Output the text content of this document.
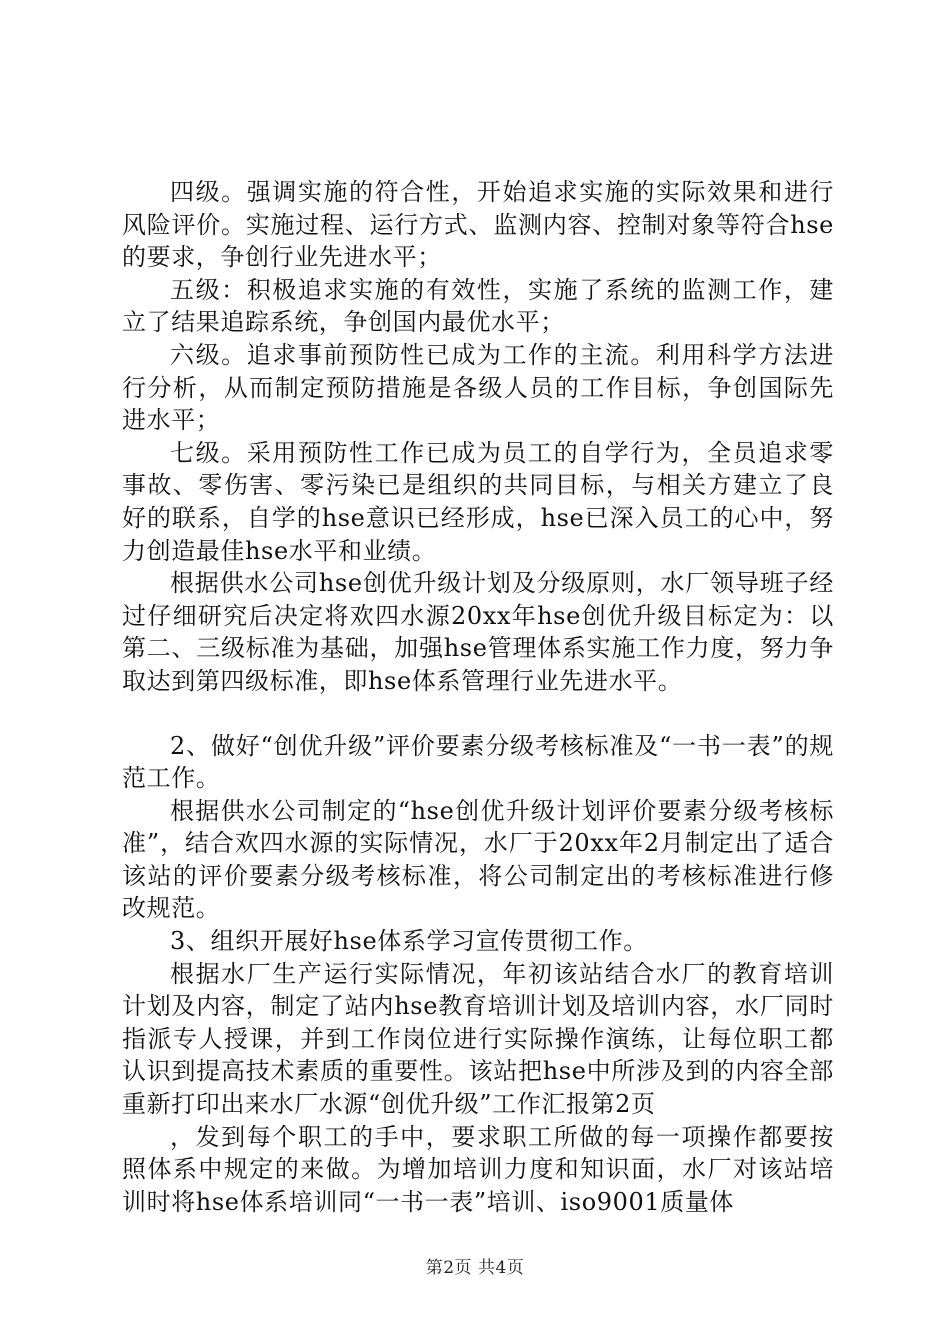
四级。强调实施的符合性，开始追求实施的实际效果和进行风险评价。实施过程、运行方式、监测内容、控制对象等符合hse的要求，争创行业先进水平；

五级：积极追求实施的有效性，实施了系统的监测工作，建立了结果追踪系统，争创国内最优水平；

六级。追求事前预防性已成为工作的主流。利用科学方法进行分析，从而制定预防措施是各级人员的工作目标，争创国际先进水平；

七级。采用预防性工作已成为员工的自学行为，全员追求零事故、零伤害、零污染已是组织的共同目标，与相关方建立了良好的联系，自学的hse意识已经形成，hse已深入员工的心中，努力创造最佳hse水平和业绩。

根据供水公司hse创优升级计划及分级原则，水厂领导班子经过仔细研究后决定将欢四水源20xx年hse创优升级目标定为：以第二、三级标准为基础，加强hse管理体系实施工作力度，努力争取达到第四级标准，即hse体系管理行业先进水平。

2、做好“创优升级”评价要素分级考核标准及“一书一表”的规范工作。

根据供水公司制定的“hse创优升级计划评价要素分级考核标准”，结合欢四水源的实际情况，水厂于20xx年2月制定出了适合该站的评价要素分级考核标准，将公司制定出的考核标准进行修改规范。

3、组织开展好hse体系学习宣传贯彻工作。

根据水厂生产运行实际情况，年初该站结合水厂的教育培训计划及内容，制定了站内hse教育培训计划及培训内容，水厂同时指派专人授课，并到工作岗位进行实际操作演练，让每位职工都认识到提高技术素质的重要性。该站把hse中所涉及到的内容全部重新打印出来水厂水源“创优升级”工作汇报第2页

，发到每个职工的手中，要求职工所做的每一项操作都要按照体系中规定的来做。为增加培训力度和知识面，水厂对该站培训时将hse体系培训同“一书一表”培训、iso9001质量体

第2页 共4页
